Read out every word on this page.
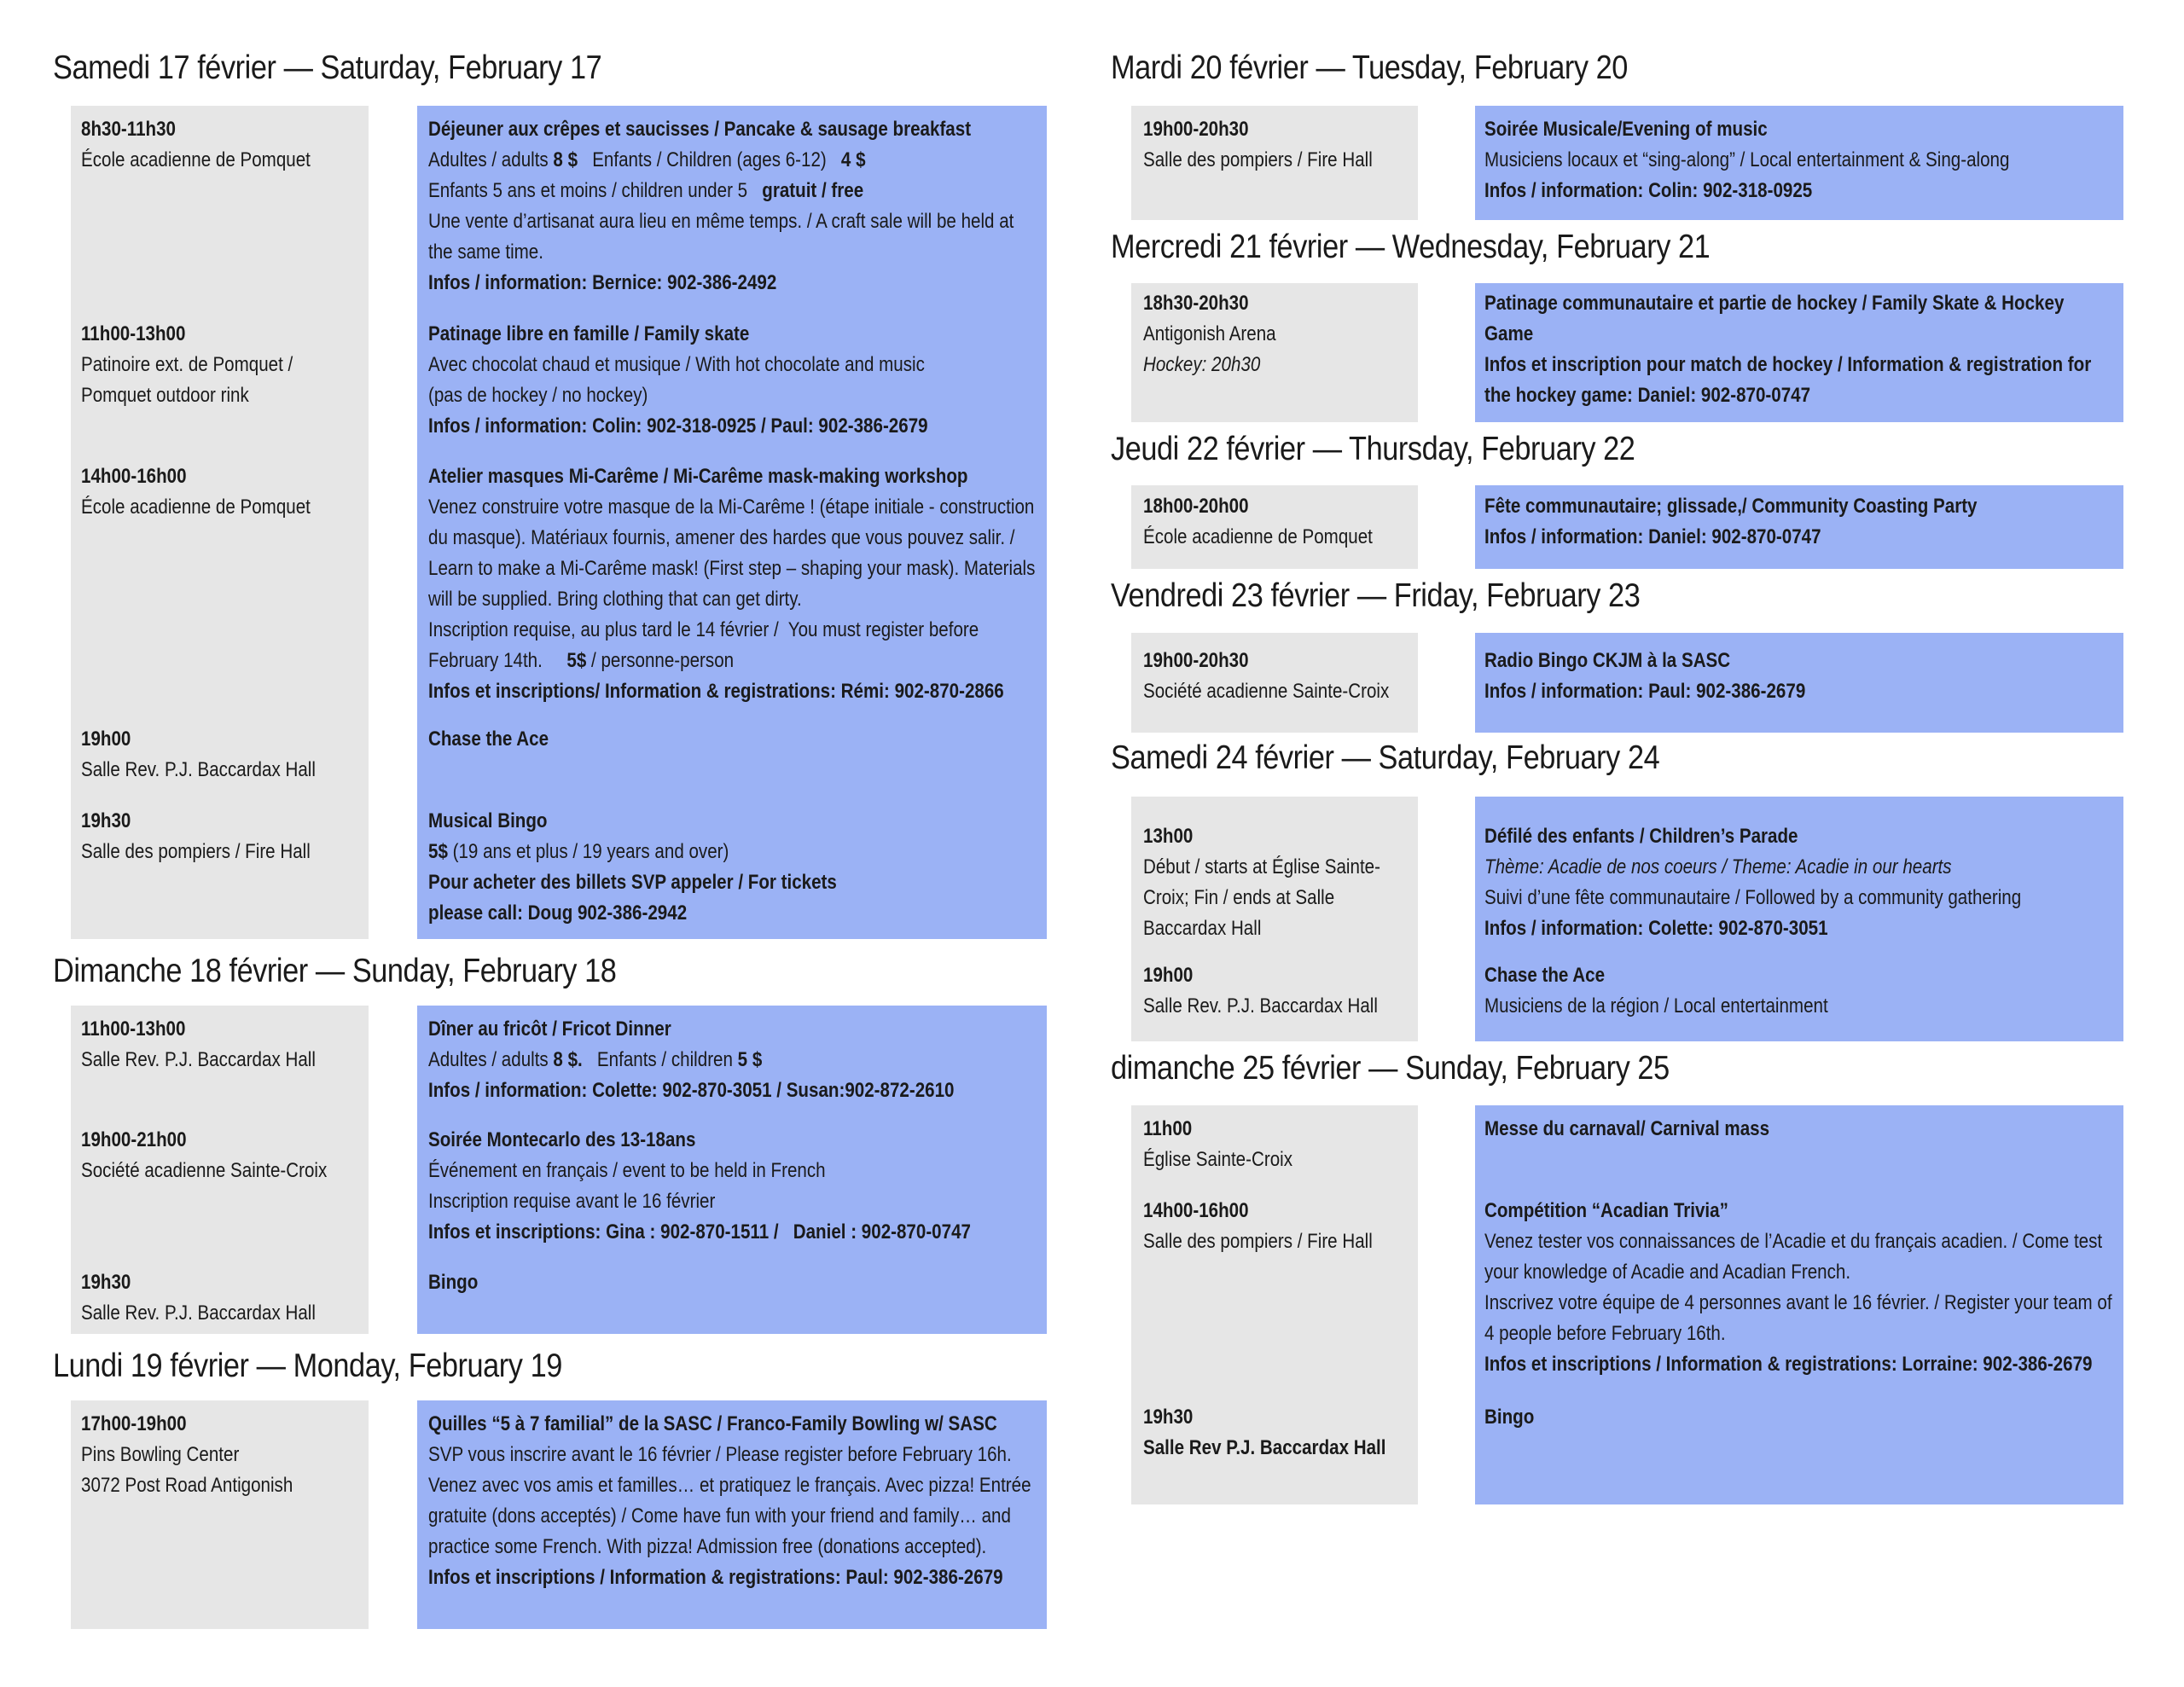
Samedi 17 février — Saturday, February 17
Dimanche 18 février — Sunday, February 18
Lundi 19 février — Monday, February 19
Mardi 20 février — Tuesday, February 20
Mercredi 21 février — Wednesday, February 21
Jeudi 22 février — Thursday, February 22
Vendredi 23 février — Friday, February 23
Samedi 24 février — Saturday, February 24
dimanche 25 février — Sunday, February 25
8h30-11h30
École acadienne de Pomquet
Déjeuner aux crêpes et saucisses / Pancake & sausage breakfast
Adultes / adults 8 $   Enfants / Children (ages 6-12)   4 $
Enfants 5 ans et moins / children under 5   gratuit / free
Une vente d’artisanat aura lieu en même temps. / A craft sale will be held at
the same time.
Infos / information: Bernice: 902-386-2492
11h00-13h00
Patinoire ext. de Pomquet /
Pomquet outdoor rink
Patinage libre en famille / Family skate
Avec chocolat chaud et musique / With hot chocolate and music
(pas de hockey / no hockey)
Infos / information: Colin: 902-318-0925 / Paul: 902-386-2679
14h00-16h00
École acadienne de Pomquet
Atelier masques Mi-Carême / Mi-Carême mask-making workshop
Venez construire votre masque de la Mi-Carême ! (étape initiale - construction
du masque). Matériaux fournis, amener des hardes que vous pouvez salir. /
Learn to make a Mi-Carême mask! (First step – shaping your mask). Materials
will be supplied. Bring clothing that can get dirty.
Inscription requise, au plus tard le 14 février /  You must register before
February 14th.     5$ / personne-person
Infos et inscriptions/ Information & registrations: Rémi: 902-870-2866
19h00
Salle Rev. P.J. Baccardax Hall
Chase the Ace
19h30
Salle des pompiers / Fire Hall
Musical Bingo
5$ (19 ans et plus / 19 years and over)
Pour acheter des billets SVP appeler / For tickets
please call: Doug 902-386-2942
11h00-13h00
Salle Rev. P.J. Baccardax Hall
Dîner au fricôt / Fricot Dinner
Adultes / adults 8 $.   Enfants / children 5 $
Infos / information: Colette: 902-870-3051 / Susan:902-872-2610
19h00-21h00
Société acadienne Sainte-Croix
Soirée Montecarlo des 13-18ans
Événement en français / event to be held in French
Inscription requise avant le 16 février
Infos et inscriptions: Gina : 902-870-1511 /   Daniel : 902-870-0747
19h30
Salle Rev. P.J. Baccardax Hall
Bingo
17h00-19h00
Pins Bowling Center
3072 Post Road Antigonish
Quilles “5 à 7 familial” de la SASC / Franco-Family Bowling w/ SASC
SVP vous inscrire avant le 16 février / Please register before February 16h.
Venez avec vos amis et familles… et pratiquez le français. Avec pizza! Entrée
gratuite (dons acceptés) / Come have fun with your friend and family… and
practice some French. With pizza! Admission free (donations accepted).
Infos et inscriptions / Information & registrations: Paul: 902-386-2679
19h00-20h30
Salle des pompiers / Fire Hall
Soirée Musicale/Evening of music
Musiciens locaux et “sing-along” / Local entertainment & Sing-along
Infos / information: Colin: 902-318-0925
18h30-20h30
Antigonish Arena
Hockey: 20h30
Patinage communautaire et partie de hockey / Family Skate & Hockey
Game
Infos et inscription pour match de hockey / Information & registration for
the hockey game: Daniel: 902-870-0747
18h00-20h00
École acadienne de Pomquet
Fête communautaire; glissade,/ Community Coasting Party
Infos / information: Daniel: 902-870-0747
19h00-20h30
Société acadienne Sainte-Croix
Radio Bingo CKJM à la SASC
Infos / information: Paul: 902-386-2679
13h00
Début / starts at Église Sainte-
Croix; Fin / ends at Salle
Baccardax Hall
Défilé des enfants / Children’s Parade
Thème: Acadie de nos coeurs / Theme: Acadie in our hearts
Suivi d’une fête communautaire / Followed by a community gathering
Infos / information: Colette: 902-870-3051
19h00
Salle Rev. P.J. Baccardax Hall
Chase the Ace
Musiciens de la région / Local entertainment
11h00
Église Sainte-Croix
Messe du carnaval/ Carnival mass
14h00-16h00
Salle des pompiers / Fire Hall
Compétition “Acadian Trivia”
Venez tester vos connaissances de l’Acadie et du français acadien. / Come test
your knowledge of Acadie and Acadian French.
Inscrivez votre équipe de 4 personnes avant le 16 février. / Register your team of
4 people before February 16th.
Infos et inscriptions / Information & registrations: Lorraine: 902-386-2679
19h30
Salle Rev P.J. Baccardax Hall
Bingo
